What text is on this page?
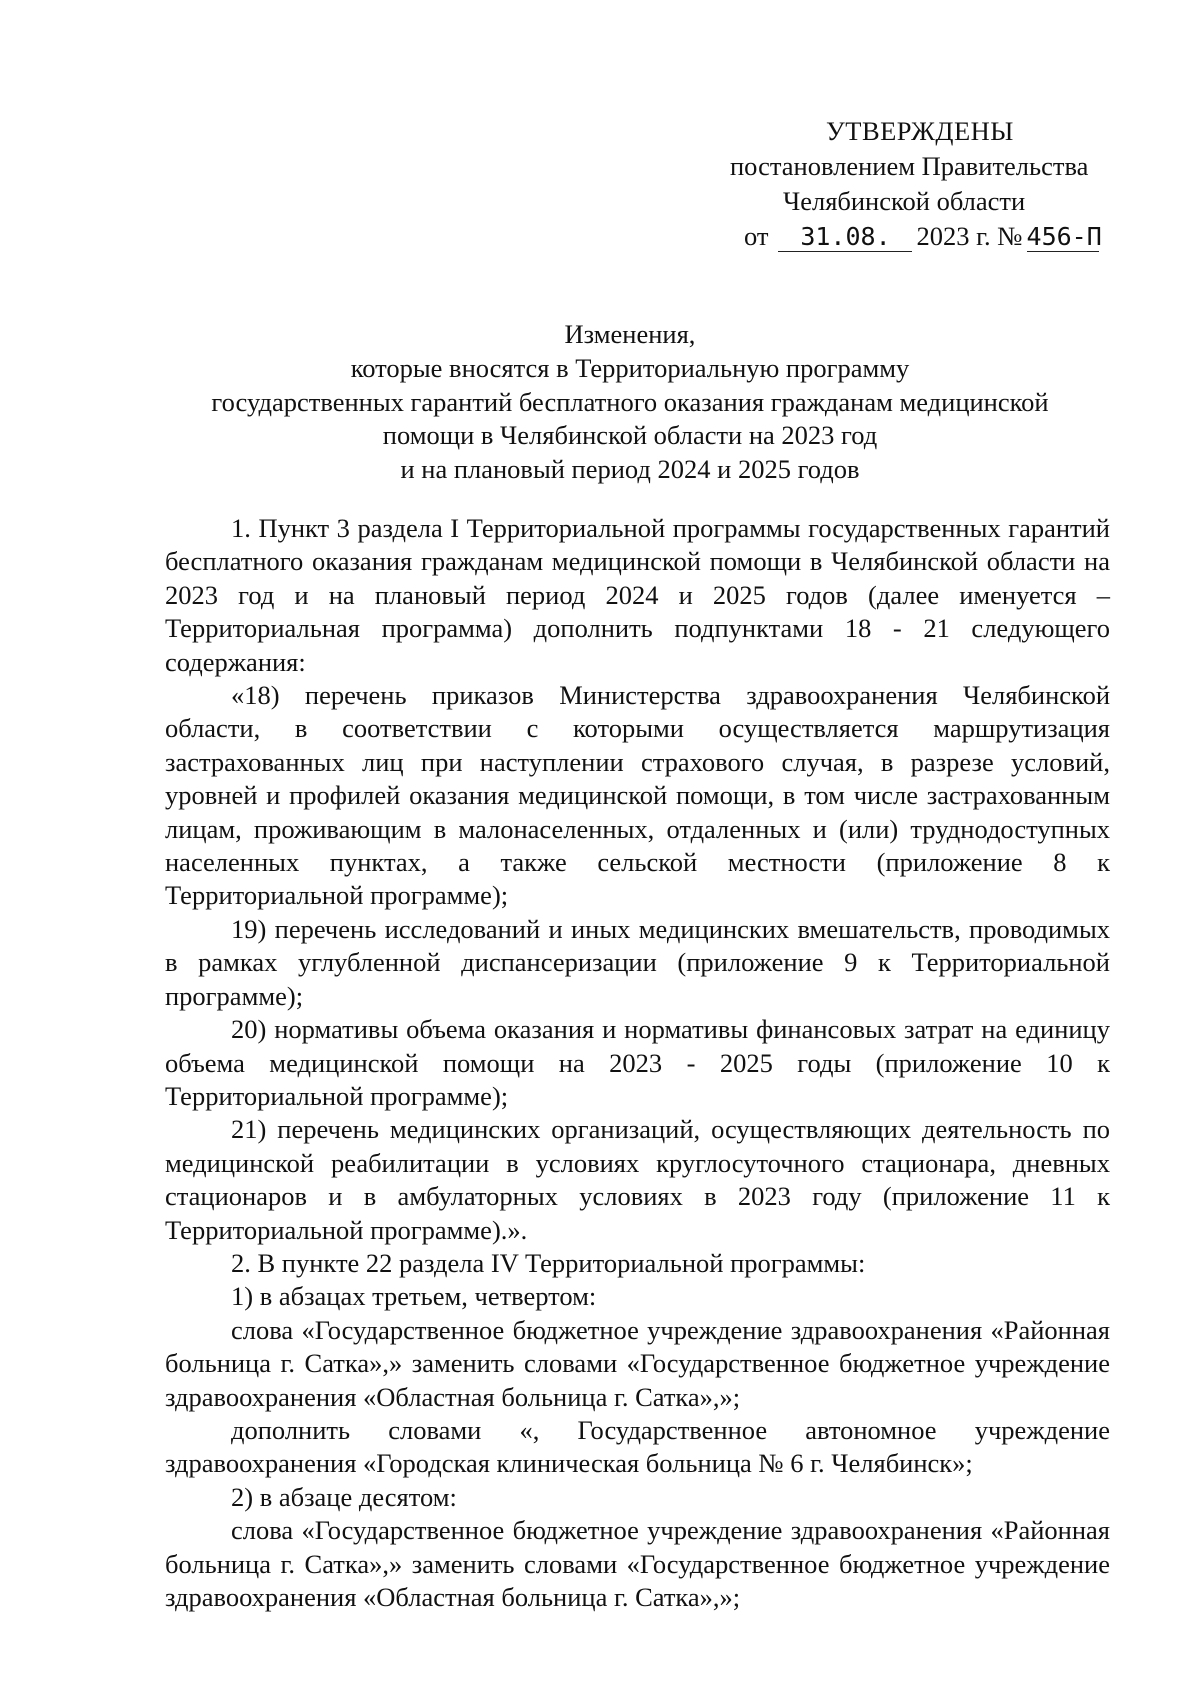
УТВЕРЖДЕНЫ
постановлением Правительства
Челябинской области
от 31.08. 2023 г. № 456-П
Изменения,
которые вносятся в Территориальную программу
государственных гарантий бесплатного оказания гражданам медицинской
помощи в Челябинской области на 2023 год
и на плановый период 2024 и 2025 годов

1. Пункт 3 раздела I Территориальной программы государственных гарантий бесплатного оказания гражданам медицинской помощи в Челябинской области на 2023 год и на плановый период 2024 и 2025 годов (далее именуется – Территориальная программа) дополнить подпунктами 18 - 21 следующего содержания:

«18) перечень приказов Министерства здравоохранения Челябинской области, в соответствии с которыми осуществляется маршрутизация застрахованных лиц при наступлении страхового случая, в разрезе условий, уровней и профилей оказания медицинской помощи, в том числе застрахованным лицам, проживающим в малонаселенных, отдаленных и (или) труднодоступных населенных пунктах, а также сельской местности (приложение 8 к Территориальной программе);

19) перечень исследований и иных медицинских вмешательств, проводимых в рамках углубленной диспансеризации (приложение 9 к Территориальной программе);

20) нормативы объема оказания и нормативы финансовых затрат на единицу объема медицинской помощи на 2023 - 2025 годы (приложение 10 к Территориальной программе);

21) перечень медицинских организаций, осуществляющих деятельность по медицинской реабилитации в условиях круглосуточного стационара, дневных стационаров и в амбулаторных условиях в 2023 году (приложение 11 к Территориальной программе).».

2. В пункте 22 раздела IV Территориальной программы:

1) в абзацах третьем, четвертом:

слова «Государственное бюджетное учреждение здравоохранения «Районная больница г. Сатка»,» заменить словами «Государственное бюджетное учреждение здравоохранения «Областная больница г. Сатка»,»;

дополнить словами «, Государственное автономное учреждение здравоохранения «Городская клиническая больница № 6 г. Челябинск»;

2) в абзаце десятом:

слова «Государственное бюджетное учреждение здравоохранения «Районная больница г. Сатка»,» заменить словами «Государственное бюджетное учреждение здравоохранения «Областная больница г. Сатка»,»;
